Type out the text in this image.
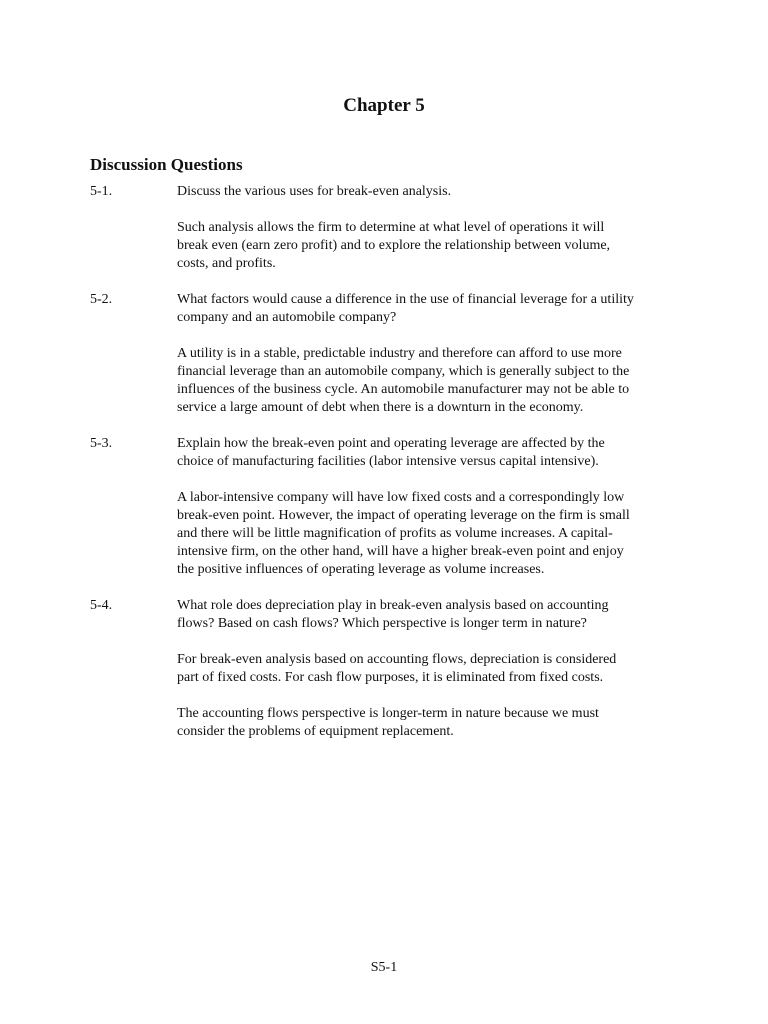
Chapter 5
Discussion Questions
5-1.	Discuss the various uses for break-even analysis.

Such analysis allows the firm to determine at what level of operations it will break even (earn zero profit) and to explore the relationship between volume, costs, and profits.

5-2.	What factors would cause a difference in the use of financial leverage for a utility company and an automobile company?

A utility is in a stable, predictable industry and therefore can afford to use more financial leverage than an automobile company, which is generally subject to the influences of the business cycle. An automobile manufacturer may not be able to service a large amount of debt when there is a downturn in the economy.

5-3.	Explain how the break-even point and operating leverage are affected by the choice of manufacturing facilities (labor intensive versus capital intensive).

A labor-intensive company will have low fixed costs and a correspondingly low break-even point. However, the impact of operating leverage on the firm is small and there will be little magnification of profits as volume increases. A capital-intensive firm, on the other hand, will have a higher break-even point and enjoy the positive influences of operating leverage as volume increases.

5-4.	What role does depreciation play in break-even analysis based on accounting flows? Based on cash flows? Which perspective is longer term in nature?

For break-even analysis based on accounting flows, depreciation is considered part of fixed costs. For cash flow purposes, it is eliminated from fixed costs.

The accounting flows perspective is longer-term in nature because we must consider the problems of equipment replacement.

S5-1
